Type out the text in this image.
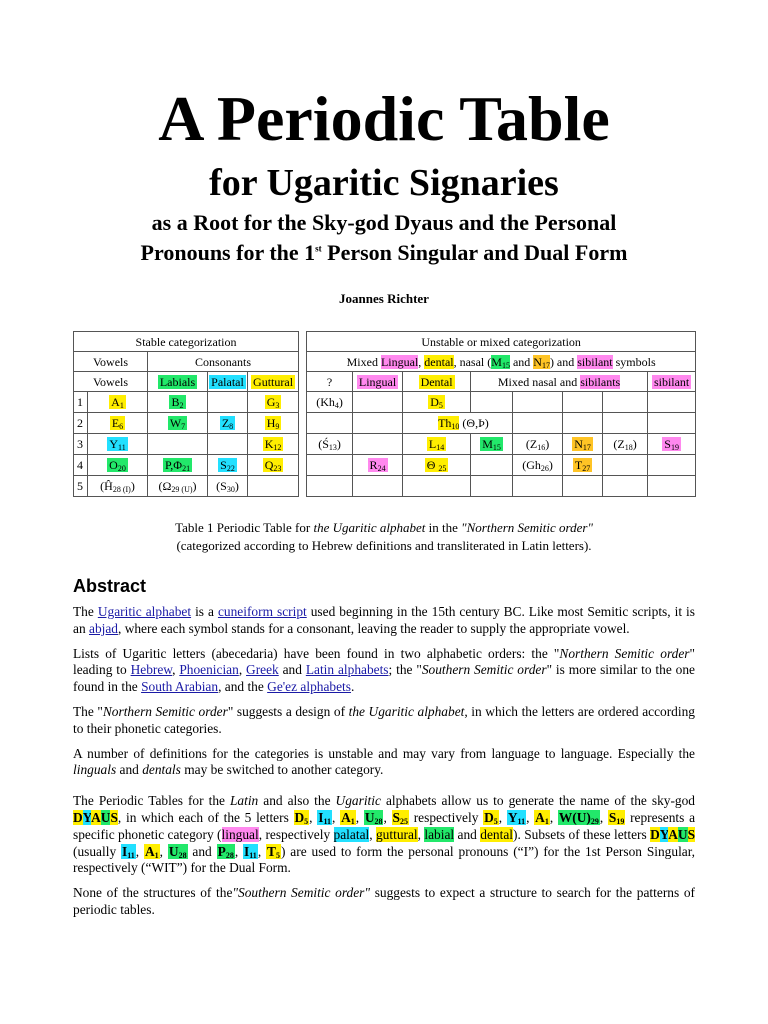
A Periodic Table
for Ugaritic Signaries
as a Root for the Sky-god Dyaus and the Personal
Pronouns for the 1st Person Singular and Dual Form
Joannes Richter
Stable categorization						Unstable or mixed categorization							
Vowels		Consonants				Mixed Lingual, dental, nasal ($M_{15}$ and $N_{17}$) and sibilant symbols							
Vowels		Labials	Palatal	Guttural		?	Lingual	Dental	Mixed nasal and sibilants				sibilant
1	$A_1$	$B_2$		$G_3$		$(Kh_4)$		$D_5$					
2	$E_6$	$W_7$	$Z_8$	$H_9$				$Th_{10}$ (Θ,Þ)					
3	$Y_{11}$			$K_{12}$		$(Ś_{13})$		$L_{14}$	$M_{15}$	$(Z_{16})$	$N_{17}$	$(Z_{18})$	$S_{19}$
4	$O_{20}$	$P,\Phi_{21}$	$S_{22}$	$Q_{23}$			$R_{24}$	Θ $_{25}$		$(Gh_{26})$	$T_{27}$		
5	$(Ĥ_{28 (I)})$	$(\Omega_{29 (U)})$	$(S_{30})$										
Table 1 Periodic Table for the Ugaritic alphabet in the "Northern Semitic order"
(categorized according to Hebrew definitions and transliterated in Latin letters).
Abstract

The Ugaritic alphabet is a cuneiform script used beginning in the 15th century BC. Like most Semitic scripts, it is an abjad, where each symbol stands for a consonant, leaving the reader to supply the appropriate vowel.

Lists of Ugaritic letters (abecedaria) have been found in two alphabetic orders: the "Northern Semitic order" leading to Hebrew, Phoenician, Greek and Latin alphabets; the "Southern Semitic order" is more similar to the one found in the South Arabian, and the Ge'ez alphabets.

The "Northern Semitic order" suggests a design of the Ugaritic alphabet, in which the letters are ordered according to their phonetic categories.

A number of definitions for the categories is unstable and may vary from language to language. Especially the linguals and dentals may be switched to another category.

The Periodic Tables for the Latin and also the Ugaritic alphabets allow us to generate the name of the sky-god DYAUS, in which each of the 5 letters $D_5$, $I_{11}$, $A_1$, $U_{28}$, $S_{25}$ respectively $D_5$, $Y_{11}$, $A_1$, $W(U)_{29}$, $S_{19}$ represents a specific phonetic category (lingual, respectively palatal, guttural, labial and dental). Subsets of these letters DYAUS (usually $I_{11}$, $A_1$, $U_{28}$ and $P_{28}$, $I_{11}$, $T_5$) are used to form the personal pronouns (“I”) for the 1st Person Singular, respectively (“WIT”) for the Dual Form.

None of the structures of the"Southern Semitic order" suggests to expect a structure to search for the patterns of periodic tables.
